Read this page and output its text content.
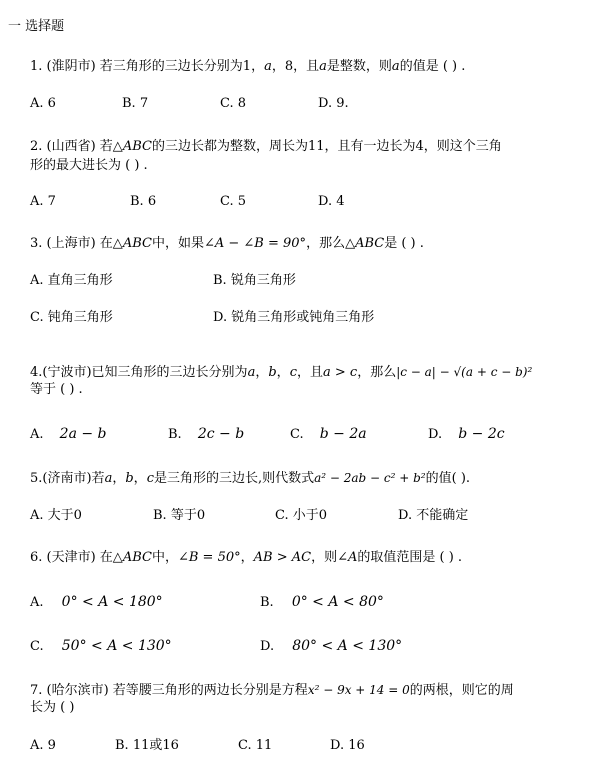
一 选择题
1. (淮阴市) 若三角形的三边长分别为1，a，8，且a是整数，则a的值是 ( ) .
A. 6	B. 7	C. 8	D. 9.
2. (山西省) 若△ABC的三边长都为整数，周长为11，且有一边长为4，则这个三角
形的最大进长为 ( ) .
A. 7	B. 6	C. 5	D. 4
3. (上海市) 在△ABC中，如果∠A − ∠B = 90°，那么△ABC是 ( ) .
A. 直角三角形	B. 锐角三角形
C. 钝角三角形	D. 锐角三角形或钝角三角形
4.(宁波市)已知三角形的三边长分别为a，b，c，且a > c，那么|c − a| − √(a + c − b)²
等于 ( ) .
A. 2a − b	B. 2c − b	C. b − 2a	D. b − 2c
5.(济南市)若a，b，c是三角形的三边长,则代数式a² − 2ab − c² + b²的值( ).
A. 大于0	B. 等于0	C. 小于0	D. 不能确定
6. (天津市) 在△ABC中，∠B = 50°，AB > AC，则∠A的取值范围是 ( ) .
A. 0° < A < 180°	B. 0° < A < 80°
C. 50° < A < 130°	D. 80° < A < 130°
7. (哈尔滨市) 若等腰三角形的两边长分别是方程x² − 9x + 14 = 0的两根，则它的周
长为 ( )
A. 9	B. 11或16	C. 11	D. 16
